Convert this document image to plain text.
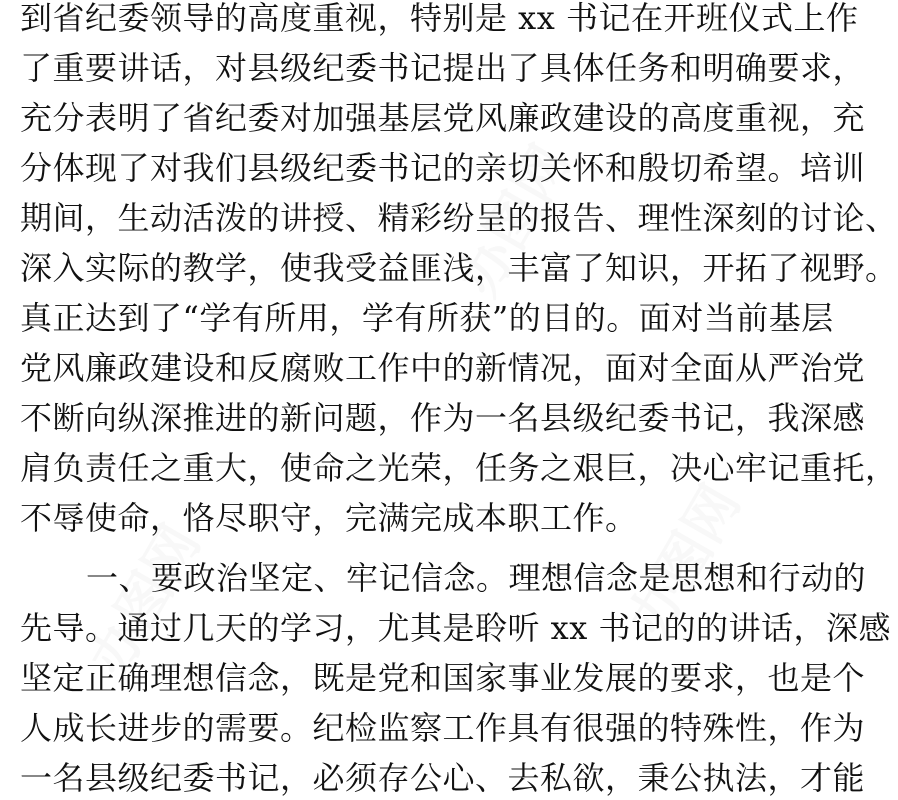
办图网
办图网
办图网
到省纪委领导的高度重视，特别是 xx 书记在开班仪式上作
了重要讲话，对县级纪委书记提出了具体任务和明确要求，
充分表明了省纪委对加强基层党风廉政建设的高度重视，充
分体现了对我们县级纪委书记的亲切关怀和殷切希望。培训
期间，生动活泼的讲授、精彩纷呈的报告、理性深刻的讨论、
深入实际的教学，使我受益匪浅，丰富了知识，开拓了视野。
真正达到了“学有所用，学有所获”的目的。面对当前基层
党风廉政建设和反腐败工作中的新情况，面对全面从严治党
不断向纵深推进的新问题，作为一名县级纪委书记，我深感
肩负责任之重大，使命之光荣，任务之艰巨，决心牢记重托，
不辱使命，恪尽职守，完满完成本职工作。
一、要政治坚定、牢记信念。理想信念是思想和行动的
先导。通过几天的学习，尤其是聆听 xx 书记的的讲话，深感
坚定正确理想信念，既是党和国家事业发展的要求，也是个
人成长进步的需要。纪检监察工作具有很强的特殊性，作为
一名县级纪委书记，必须存公心、去私欲，秉公执法，才能
